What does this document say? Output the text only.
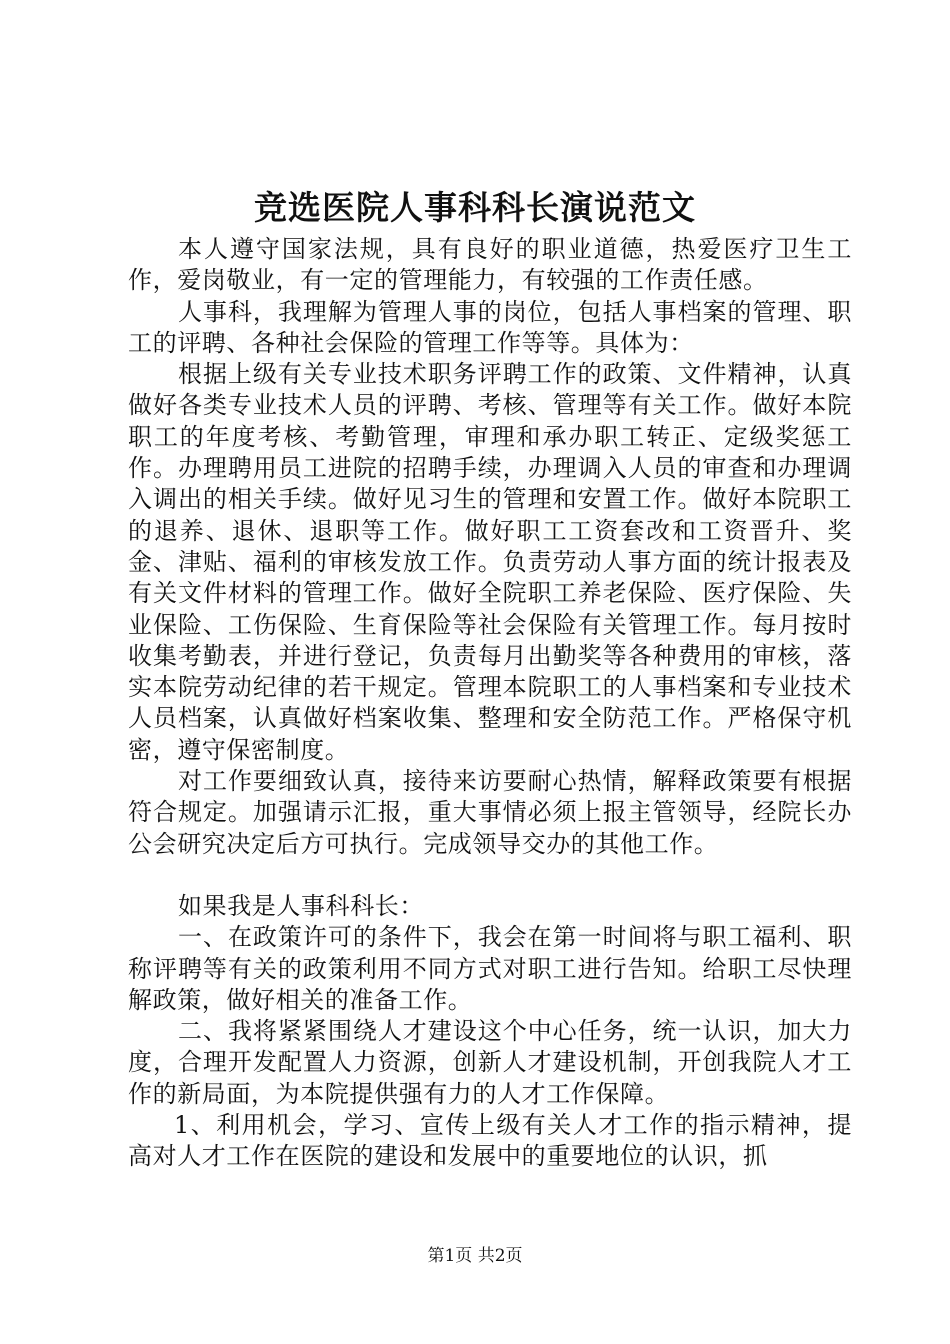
竞选医院人事科科长演说范文

本人遵守国家法规，具有良好的职业道德，热爱医疗卫生工作，爱岗敬业，有一定的管理能力，有较强的工作责任感。

人事科，我理解为管理人事的岗位，包括人事档案的管理、职工的评聘、各种社会保险的管理工作等等。具体为：

根据上级有关专业技术职务评聘工作的政策、文件精神，认真做好各类专业技术人员的评聘、考核、管理等有关工作。做好本院职工的年度考核、考勤管理，审理和承办职工转正、定级奖惩工作。办理聘用员工进院的招聘手续，办理调入人员的审查和办理调入调出的相关手续。做好见习生的管理和安置工作。做好本院职工的退养、退休、退职等工作。做好职工工资套改和工资晋升、奖金、津贴、福利的审核发放工作。负责劳动人事方面的统计报表及有关文件材料的管理工作。做好全院职工养老保险、医疗保险、失业保险、工伤保险、生育保险等社会保险有关管理工作。每月按时收集考勤表，并进行登记，负责每月出勤奖等各种费用的审核，落实本院劳动纪律的若干规定。管理本院职工的人事档案和专业技术人员档案，认真做好档案收集、整理和安全防范工作。严格保守机密，遵守保密制度。

对工作要细致认真，接待来访要耐心热情，解释政策要有根据符合规定。加强请示汇报，重大事情必须上报主管领导，经院长办公会研究决定后方可执行。完成领导交办的其他工作。

如果我是人事科科长：

一、在政策许可的条件下，我会在第一时间将与职工福利、职称评聘等有关的政策利用不同方式对职工进行告知。给职工尽快理解政策，做好相关的准备工作。

二、我将紧紧围绕人才建设这个中心任务，统一认识，加大力度，合理开发配置人力资源，创新人才建设机制，开创我院人才工作的新局面，为本院提供强有力的人才工作保障。

1、利用机会，学习、宣传上级有关人才工作的指示精神，提高对人才工作在医院的建设和发展中的重要地位的认识，抓

第1页 共2页
